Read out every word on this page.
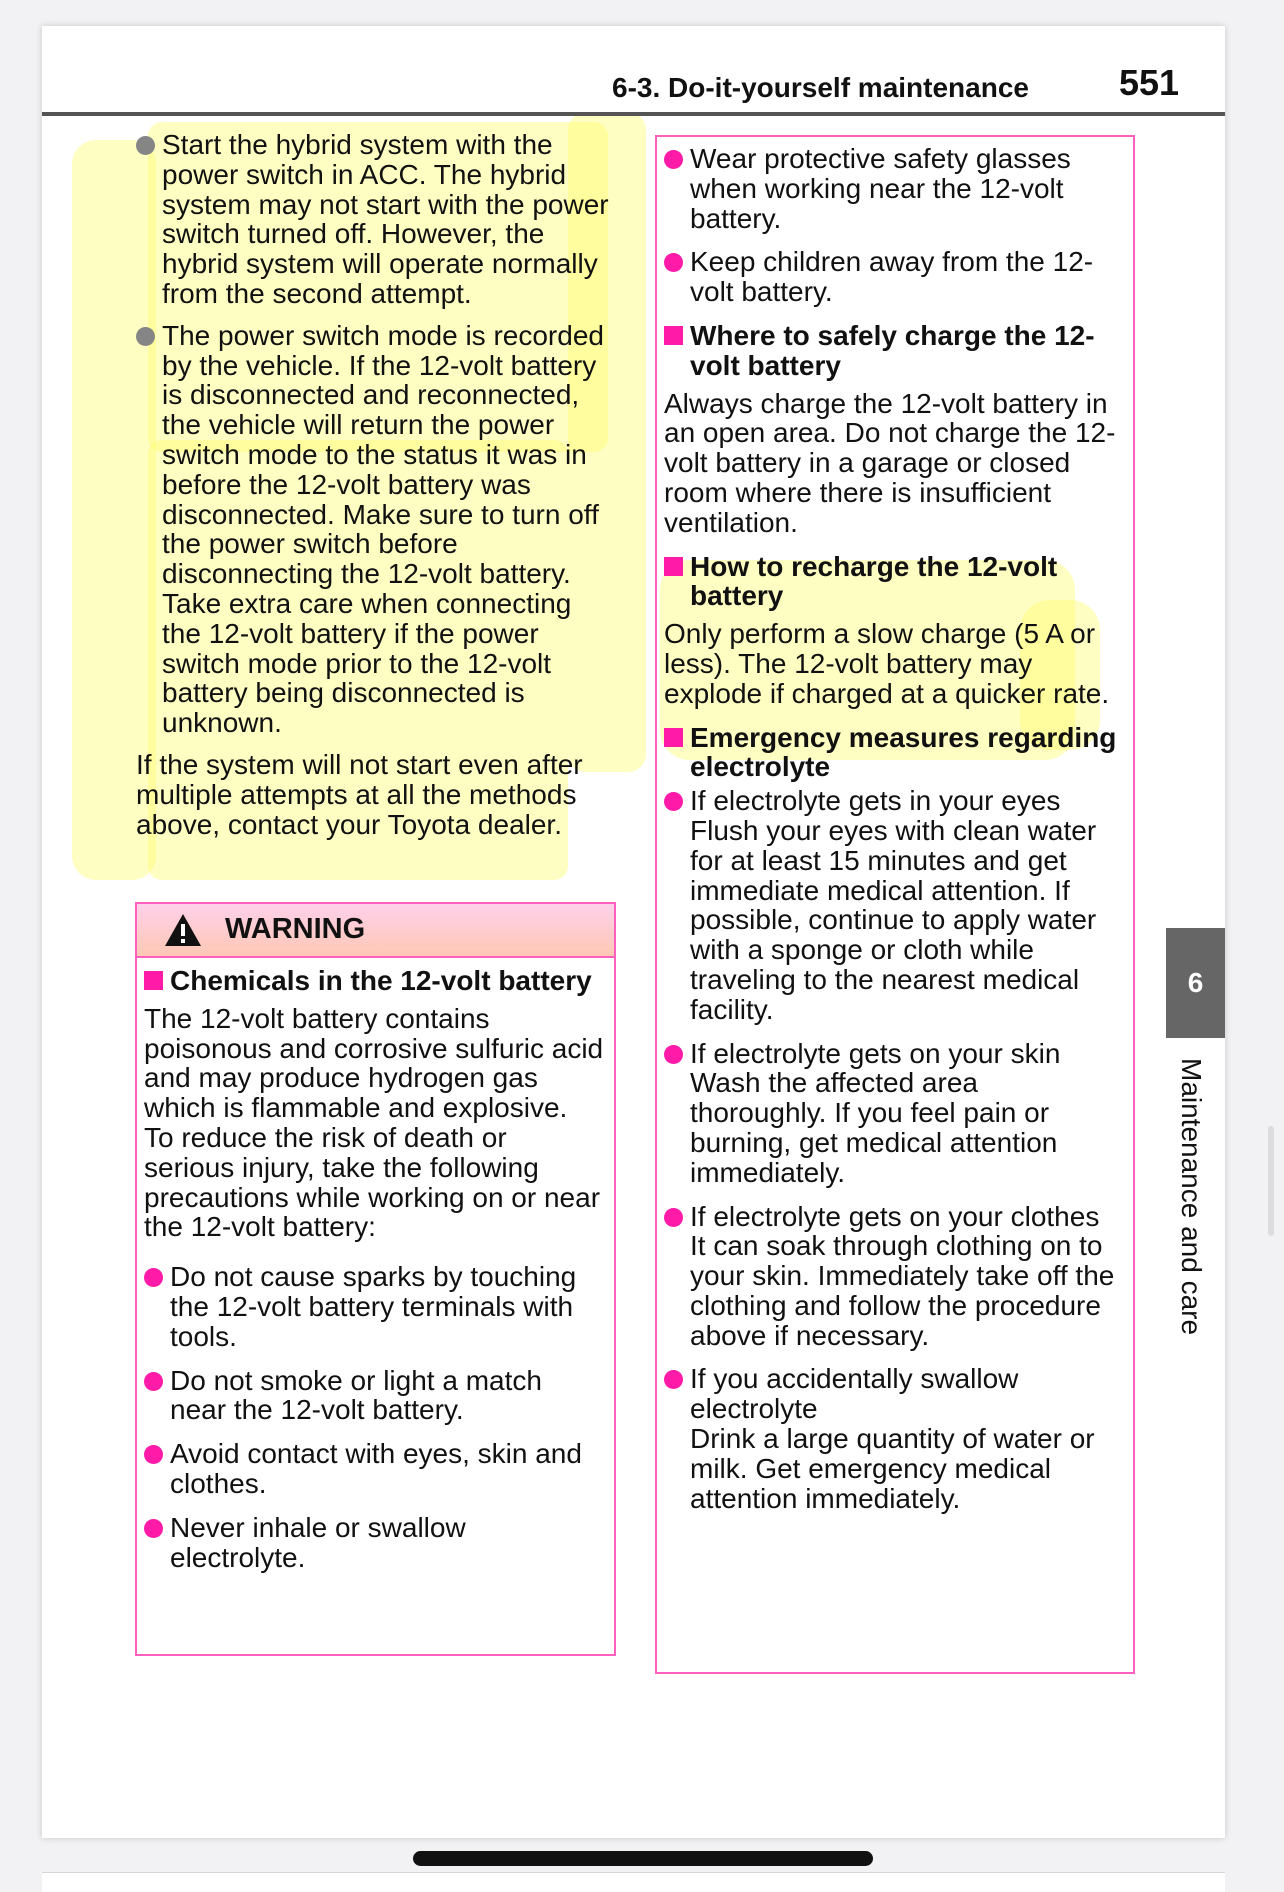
6-3. Do-it-yourself maintenance	551
Start the hybrid system with the power switch in ACC. The hybrid system may not start with the power switch turned off. However, the hybrid system will operate normally from the second attempt.
The power switch mode is recorded by the vehicle. If the 12-volt battery is disconnected and reconnected, the vehicle will return the power switch mode to the status it was in before the 12-volt battery was disconnected. Make sure to turn off the power switch before disconnecting the 12-volt battery. Take extra care when connecting the 12-volt battery if the power switch mode prior to the 12-volt battery being disconnected is unknown.
If the system will not start even after multiple attempts at all the methods above, contact your Toyota dealer.
WARNING
Chemicals in the 12-volt battery
The 12-volt battery contains poisonous and corrosive sulfuric acid and may produce hydrogen gas which is flammable and explosive. To reduce the risk of death or serious injury, take the following precautions while working on or near the 12-volt battery:
Do not cause sparks by touching the 12-volt battery terminals with tools.
Do not smoke or light a match near the 12-volt battery.
Avoid contact with eyes, skin and clothes.
Never inhale or swallow electrolyte.
Wear protective safety glasses when working near the 12-volt battery.
Keep children away from the 12-volt battery.
Where to safely charge the 12-volt battery
Always charge the 12-volt battery in an open area. Do not charge the 12-volt battery in a garage or closed room where there is insufficient ventilation.
How to recharge the 12-volt battery
Only perform a slow charge (5 A or less). The 12-volt battery may explode if charged at a quicker rate.
Emergency measures regarding electrolyte
If electrolyte gets in your eyes
Flush your eyes with clean water for at least 15 minutes and get immediate medical attention. If possible, continue to apply water with a sponge or cloth while traveling to the nearest medical facility.
If electrolyte gets on your skin
Wash the affected area thoroughly. If you feel pain or burning, get medical attention immediately.
If electrolyte gets on your clothes
It can soak through clothing on to your skin. Immediately take off the clothing and follow the procedure above if necessary.
If you accidentally swallow electrolyte
Drink a large quantity of water or milk. Get emergency medical attention immediately.
6
Maintenance and care
